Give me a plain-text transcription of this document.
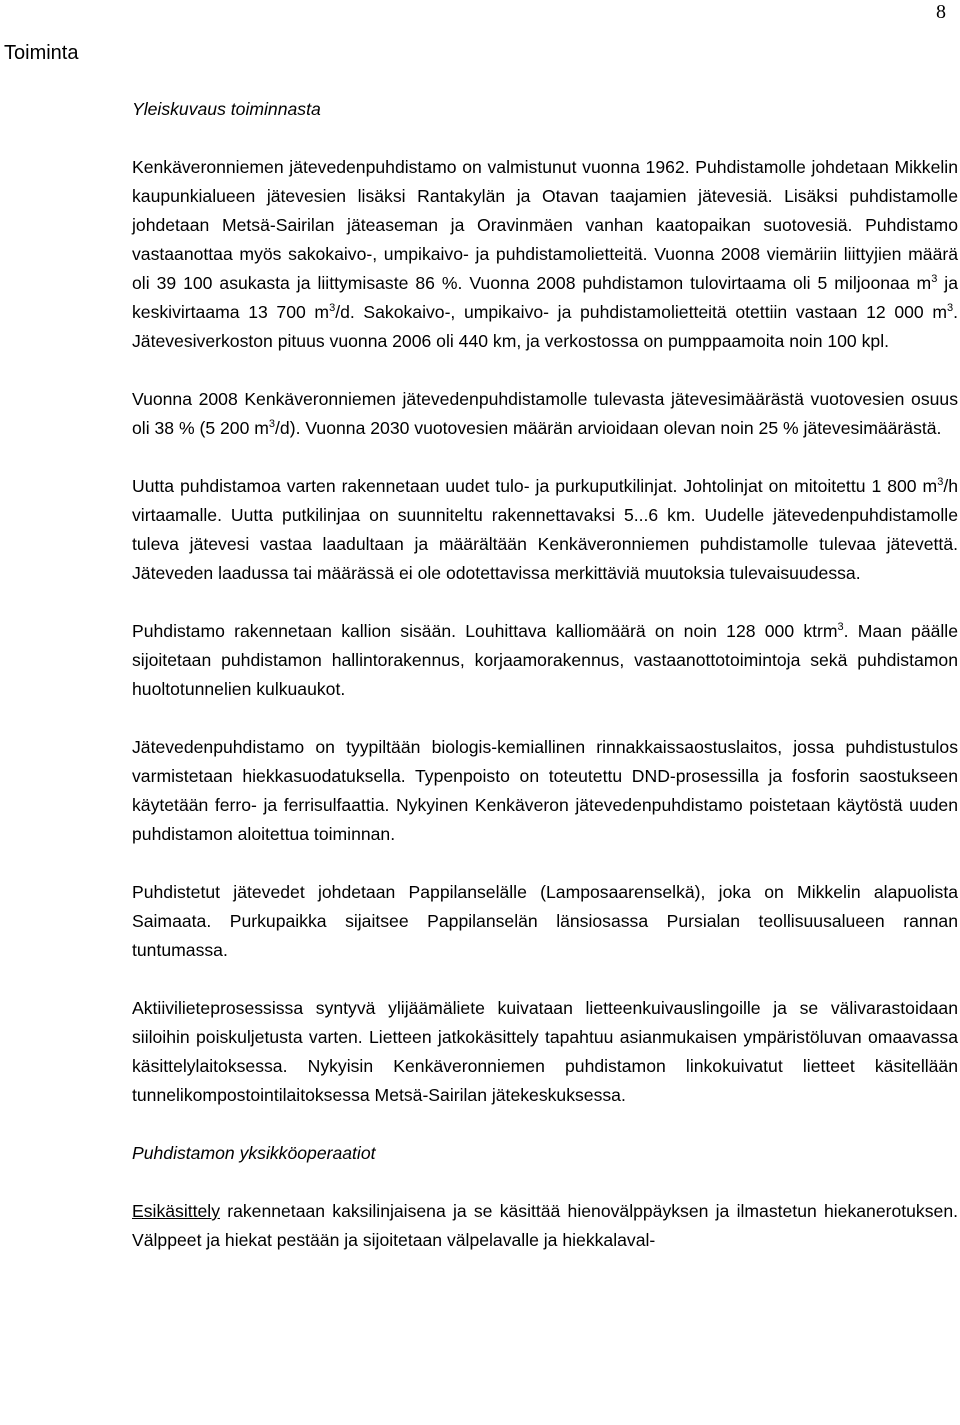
8
Toiminta
Yleiskuvaus toiminnasta
Kenkäveronniemen jätevedenpuhdistamo on valmistunut vuonna 1962. Puhdistamolle johdetaan Mikkelin kaupunkialueen jätevesien lisäksi Rantakylän ja Otavan taajamien jätevesiä. Lisäksi puhdistamolle johdetaan Metsä-Sairilan jäteaseman ja Oravinmäen vanhan kaatopaikan suotovesiä. Puhdistamo vastaanottaa myös sakokaivo-, umpikaivo- ja puhdistamolietteitä. Vuonna 2008 viemäriin liittyjien määrä oli 39 100 asukasta ja liittymisaste 86 %. Vuonna 2008 puhdistamon tulovirtaama oli 5 miljoonaa $m^3$ ja keskivirtaama 13 700 $m^3/d$. Sakokaivo-, umpikaivo- ja puhdistamolietteitä otettiin vastaan 12 000 $m^3$. Jätevesiverkoston pituus vuonna 2006 oli 440 km, ja verkostossa on pumppaamoita noin 100 kpl.
Vuonna 2008 Kenkäveronniemen jätevedenpuhdistamolle tulevasta jätevesimäärästä vuotovesien osuus oli 38 % (5 200 $m^3/d$). Vuonna 2030 vuotovesien määrän arvioidaan olevan noin 25 % jätevesimäärästä.
Uutta puhdistamoa varten rakennetaan uudet tulo- ja purkuputkilinjat. Johtolinjat on mitoitettu 1 800 $m^3/h$ virtaamalle. Uutta putkilinjaa on suunniteltu rakennettavaksi 5...6 km. Uudelle jätevedenpuhdistamolle tuleva jätevesi vastaa laadultaan ja määrältään Kenkäveronniemen puhdistamolle tulevaa jätevettä. Jäteveden laadussa tai määrässä ei ole odotettavissa merkittäviä muutoksia tulevaisuudessa.
Puhdistamo rakennetaan kallion sisään. Louhittava kalliomäärä on noin 128 000 ktrm$^3$. Maan päälle sijoitetaan puhdistamon hallintorakennus, korjaamorakennus, vastaanottotoimintoja sekä puhdistamon huoltotunnelien kulkuaukot.
Jätevedenpuhdistamo on tyypiltään biologis-kemiallinen rinnakkaissaostuslaitos, jossa puhdistustulos varmistetaan hiekkasuodatuksella. Typenpoisto on toteutettu DND-prosessilla ja fosforin saostukseen käytetään ferro- ja ferrisulfaattia. Nykyinen Kenkäveron jätevedenpuhdistamo poistetaan käytöstä uuden puhdistamon aloitettua toiminnan.
Puhdistetut jätevedet johdetaan Pappilanselälle (Lamposaarenselkä), joka on Mikkelin alapuolista Saimaata. Purkupaikka sijaitsee Pappilanselän länsiosassa Pursialan teollisuusalueen rannan tuntumassa.
Aktiivilieteprosessissa syntyvä ylijäämäliete kuivataan lietteenkuivauslingoille ja se välivarastoidaan siiloihin poiskuljetusta varten. Lietteen jatkokäsittely tapahtuu asianmukaisen ympäristöluvan omaavassa käsittelylaitoksessa. Nykyisin Kenkäveronniemen puhdistamon linkokuivatut lietteet käsitellään tunnelikompostointilaitoksessa Metsä-Sairilan jätekeskuksessa.
Puhdistamon yksikköoperaatiot
Esikäsittely rakennetaan kaksilinjaisena ja se käsittää hienovälppäyksen ja ilmastetun hiekanerotuksen. Välppeet ja hiekat pestään ja sijoitetaan välpelavalle ja hiekkalaval-
